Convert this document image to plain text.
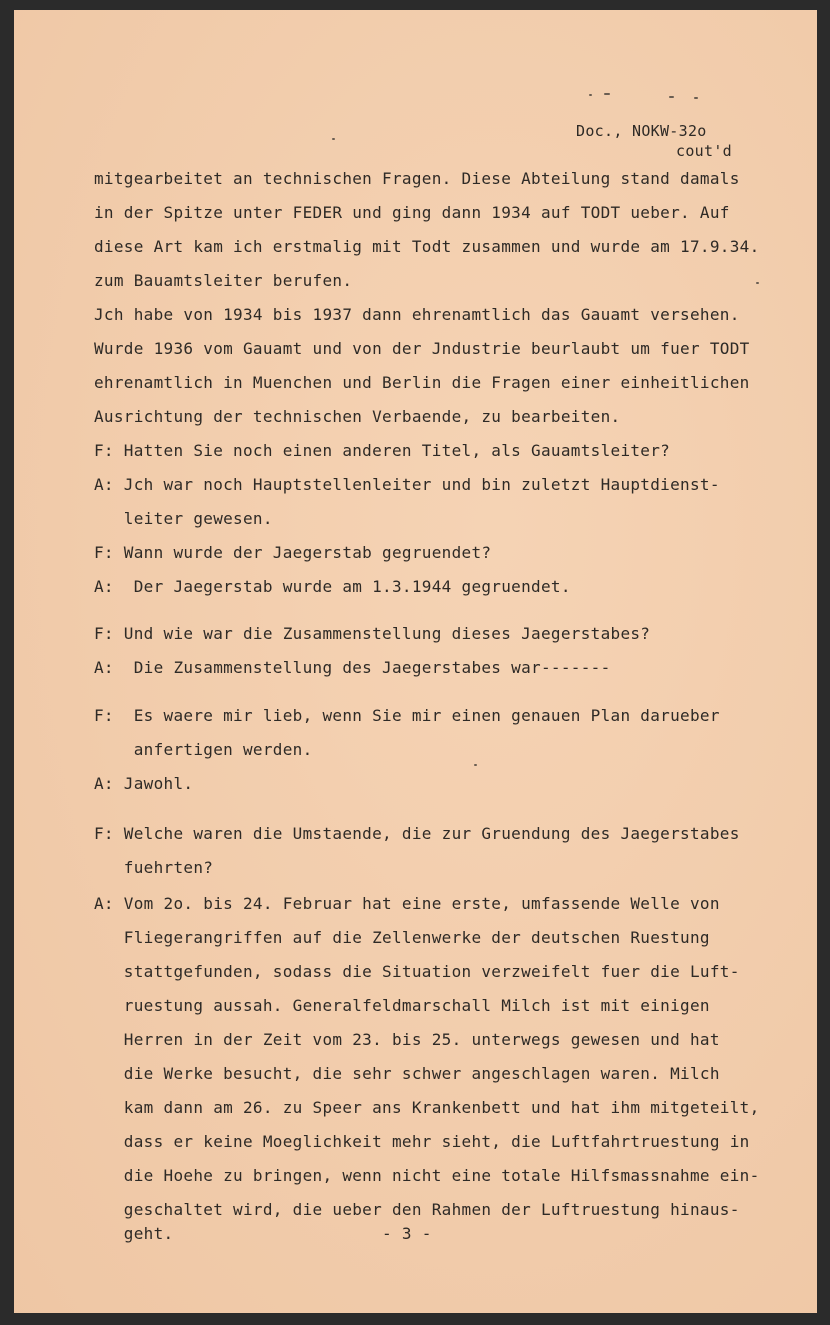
Doc., NOKW-32o
cout'd
mitgearbeitet an technischen Fragen. Diese Abteilung stand damals
in der Spitze unter FEDER und ging dann 1934 auf TODT ueber. Auf
diese Art kam ich erstmalig mit Todt zusammen und wurde am 17.9.34.
zum Bauamtsleiter berufen.
Jch habe von 1934 bis 1937 dann ehrenamtlich das Gauamt versehen.
Wurde 1936 vom Gauamt und von der Jndustrie beurlaubt um fuer TODT
ehrenamtlich in Muenchen und Berlin die Fragen einer einheitlichen
Ausrichtung der technischen Verbaende, zu bearbeiten.
F: Hatten Sie noch einen anderen Titel, als Gauamtsleiter?
A: Jch war noch Hauptstellenleiter und bin zuletzt Hauptdienst-
leiter gewesen.
F: Wann wurde der Jaegerstab gegruendet?
A:  Der Jaegerstab wurde am 1.3.1944 gegruendet.
F: Und wie war die Zusammenstellung dieses Jaegerstabes?
A:  Die Zusammenstellung des Jaegerstabes war-------
F:  Es waere mir lieb, wenn Sie mir einen genauen Plan darueber
anfertigen werden.
A: Jawohl.
F: Welche waren die Umstaende, die zur Gruendung des Jaegerstabes
fuehrten?
A: Vom 2o. bis 24. Februar hat eine erste, umfassende Welle von
Fliegerangriffen auf die Zellenwerke der deutschen Ruestung
stattgefunden, sodass die Situation verzweifelt fuer die Luft-
ruestung aussah. Generalfeldmarschall Milch ist mit einigen
Herren in der Zeit vom 23. bis 25. unterwegs gewesen und hat
die Werke besucht, die sehr schwer angeschlagen waren. Milch
kam dann am 26. zu Speer ans Krankenbett und hat ihm mitgeteilt,
dass er keine Moeglichkeit mehr sieht, die Luftfahrtruestung in
die Hoehe zu bringen, wenn nicht eine totale Hilfsmassnahme ein-
geschaltet wird, die ueber den Rahmen der Luftruestung hinaus-
geht.	- 3 -
